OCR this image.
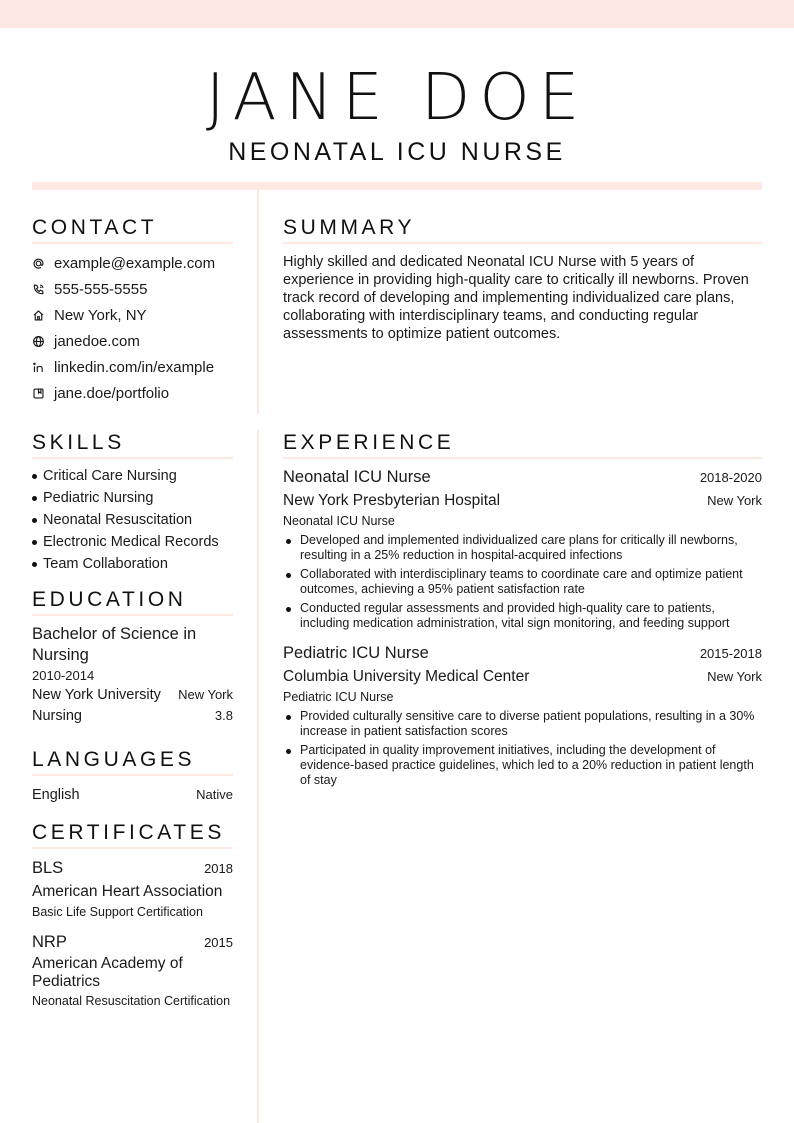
JANE DOE
NEONATAL ICU NURSE
CONTACT
example@example.com
555-555-5555
New York, NY
janedoe.com
linkedin.com/in/example
jane.doe/portfolio
SUMMARY
Highly skilled and dedicated Neonatal ICU Nurse with 5 years of experience in providing high-quality care to critically ill newborns. Proven track record of developing and implementing individualized care plans, collaborating with interdisciplinary teams, and conducting regular assessments to optimize patient outcomes.
SKILLS
Critical Care Nursing
Pediatric Nursing
Neonatal Resuscitation
Electronic Medical Records
Team Collaboration
EDUCATION
Bachelor of Science in Nursing
2010-2014
New York University New York
Nursing	3.8
LANGUAGES
English	Native
CERTIFICATES
BLS	2018
American Heart Association
Basic Life Support Certification
NRP	2015
American Academy of Pediatrics
Neonatal Resuscitation Certification
EXPERIENCE
Neonatal ICU Nurse	2018-2020
New York Presbyterian Hospital	New York
Neonatal ICU Nurse
Developed and implemented individualized care plans for critically ill newborns, resulting in a 25% reduction in hospital-acquired infections
Collaborated with interdisciplinary teams to coordinate care and optimize patient outcomes, achieving a 95% patient satisfaction rate
Conducted regular assessments and provided high-quality care to patients, including medication administration, vital sign monitoring, and feeding support
Pediatric ICU Nurse	2015-2018
Columbia University Medical Center	New York
Pediatric ICU Nurse
Provided culturally sensitive care to diverse patient populations, resulting in a 30% increase in patient satisfaction scores
Participated in quality improvement initiatives, including the development of evidence-based practice guidelines, which led to a 20% reduction in patient length of stay
